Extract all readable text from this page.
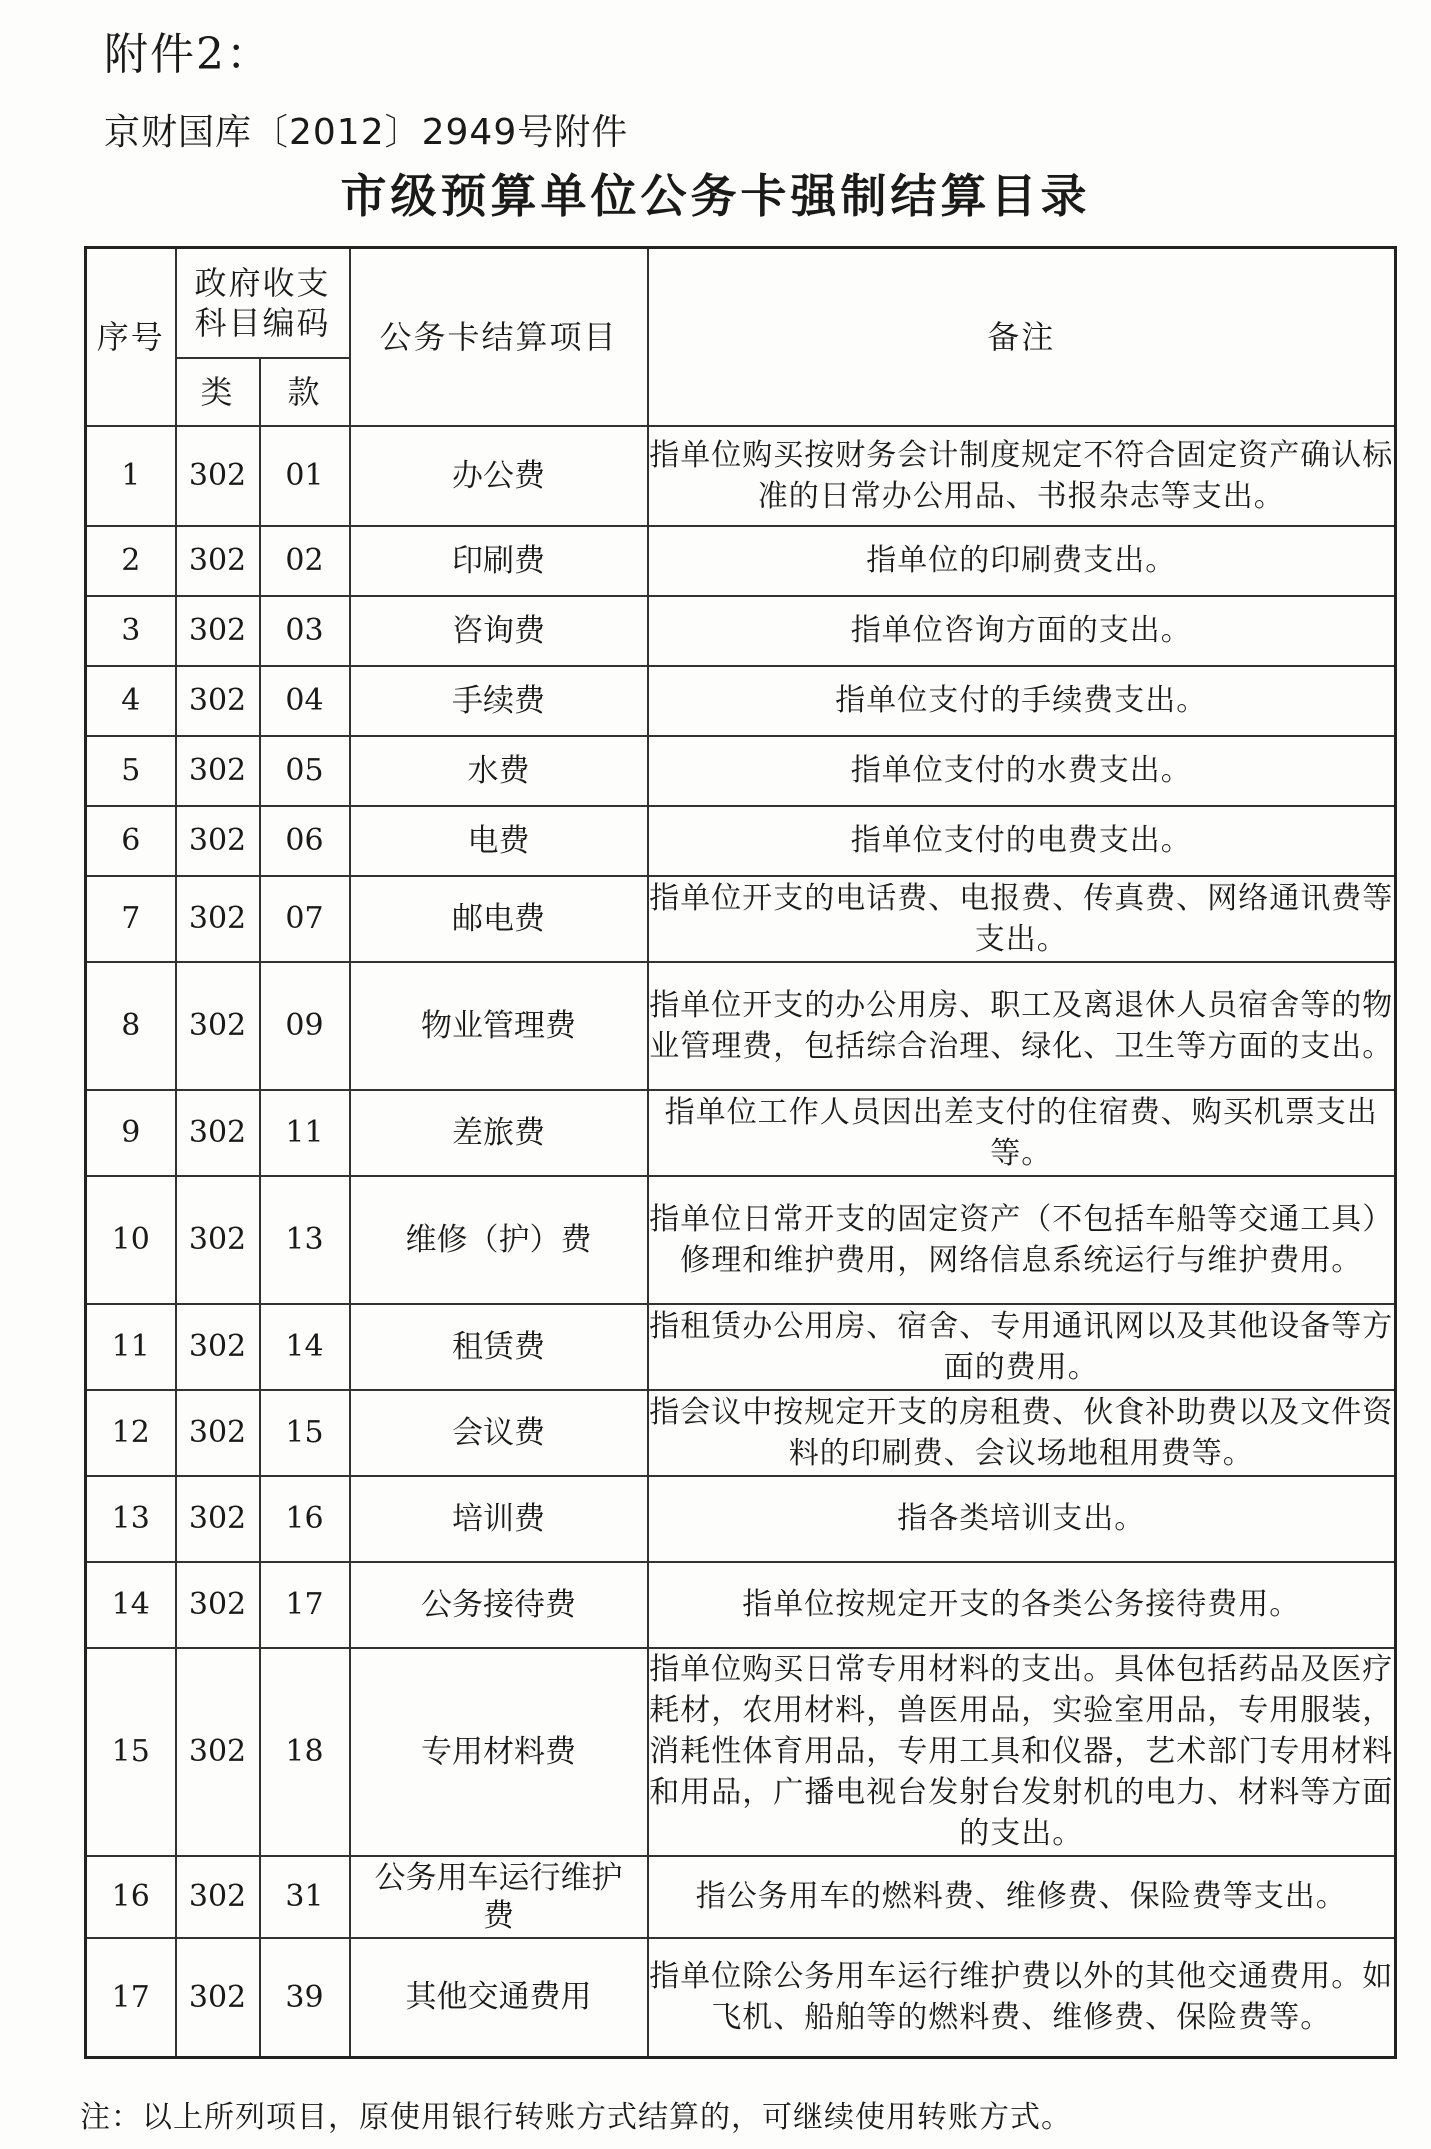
附件2：
京财国库〔2012〕2949号附件
市级预算单位公务卡强制结算目录
序号	政府收支科目编码		公务卡结算项目	备注
	类	款		
1	302	01	办公费	指单位购买按财务会计制度规定不符合固定资产确认标准的日常办公用品、书报杂志等支出。
2	302	02	印刷费	指单位的印刷费支出。
3	302	03	咨询费	指单位咨询方面的支出。
4	302	04	手续费	指单位支付的手续费支出。
5	302	05	水费	指单位支付的水费支出。
6	302	06	电费	指单位支付的电费支出。
7	302	07	邮电费	指单位开支的电话费、电报费、传真费、网络通讯费等支出。
8	302	09	物业管理费	指单位开支的办公用房、职工及离退休人员宿舍等的物业管理费，包括综合治理、绿化、卫生等方面的支出。
9	302	11	差旅费	指单位工作人员因出差支付的住宿费、购买机票支出等。
10	302	13	维修（护）费	指单位日常开支的固定资产（不包括车船等交通工具）修理和维护费用，网络信息系统运行与维护费用。
11	302	14	租赁费	指租赁办公用房、宿舍、专用通讯网以及其他设备等方面的费用。
12	302	15	会议费	指会议中按规定开支的房租费、伙食补助费以及文件资料的印刷费、会议场地租用费等。
13	302	16	培训费	指各类培训支出。
14	302	17	公务接待费	指单位按规定开支的各类公务接待费用。
15	302	18	专用材料费	指单位购买日常专用材料的支出。具体包括药品及医疗耗材，农用材料，兽医用品，实验室用品，专用服装，消耗性体育用品，专用工具和仪器，艺术部门专用材料和用品，广播电视台发射台发射机的电力、材料等方面的支出。
16	302	31	公务用车运行维护费	指公务用车的燃料费、维修费、保险费等支出。
17	302	39	其他交通费用	指单位除公务用车运行维护费以外的其他交通费用。如飞机、船舶等的燃料费、维修费、保险费等。
注：以上所列项目，原使用银行转账方式结算的，可继续使用转账方式。
